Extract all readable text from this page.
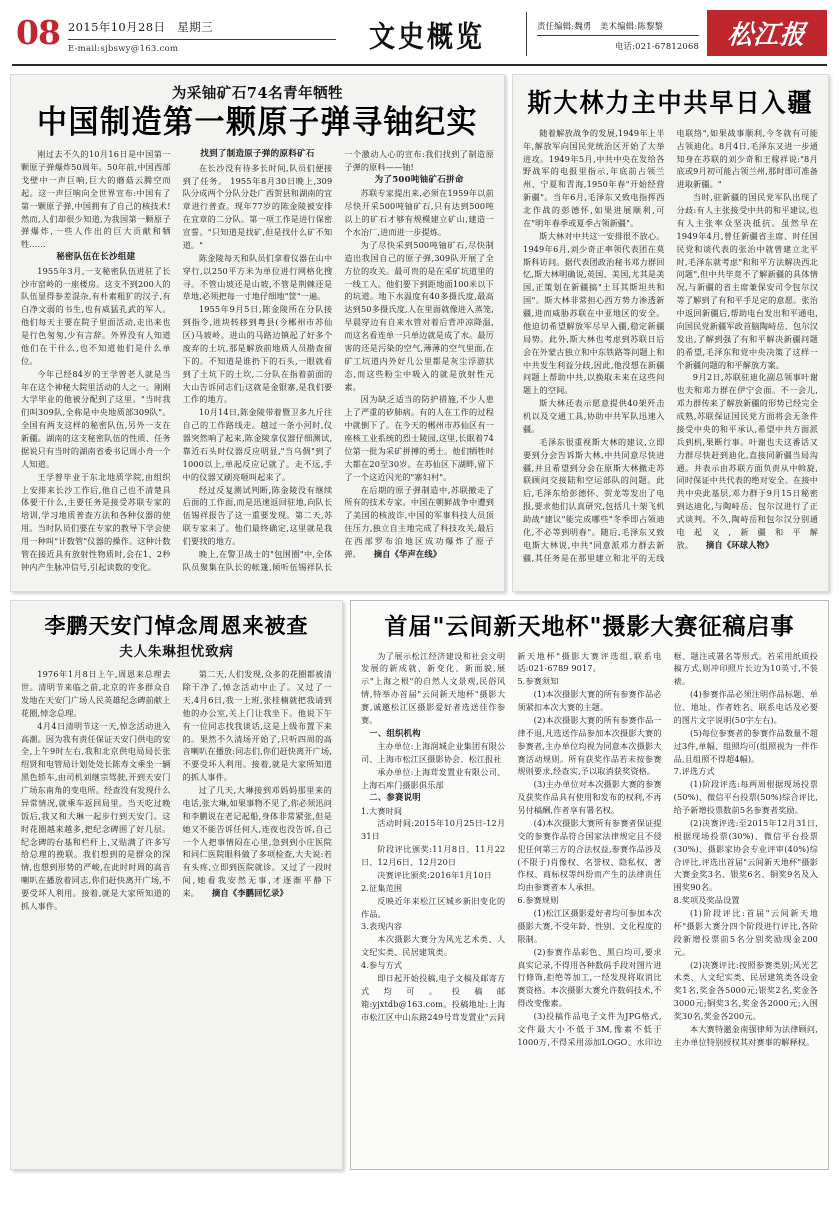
08 2015年10月28日　星期三
E-mail:sjbswy@163.com	文史概览	责任编辑:魏勇　美术编辑:陈黎黎
电话:021-67812068 松江报
为采铀矿石74名青年牺牲
中国制造第一颗原子弹寻铀纪实

刚过去不久的10月16日是中国第一颗原子弹爆炸50周年。50年前,中国西部戈壁中一声巨响,巨大的蘑菇云腾空而起。这一声巨响向全世界宣布:中国有了第一颗原子弹,中国拥有了自己的核技术! 然而,人们却很少知道,为我国第一颗原子弹爆炸,一些人作出的巨大贡献和牺牲……

秘密队伍在长沙组建

1955年3月,一支秘密队伍进驻了长沙市窑岭的一座楼房。这支不到200人的队伍显得参差混杂,有朴素粗犷的汉子,有白净文弱的书生,也有威猛孔武的军人。他们每天主要在院子里面活动,走出来也是行色匆匆,少有言辞。外界没有人知道他们在干什么,也不知道他们是什么单位。

今年已经84岁的王学曾老人就是当年在这个神秘大院里活动的人之一。刚刚大学毕业的他被分配到了这里。"当时我们叫309队,全称是中央地质部309队"。全国有两支这样的秘密队伍,另外一支在新疆。湖南的这支秘密队伍的性质、任务据说只有当时的湖南省委书记周小舟一个人知道。

王学曾毕业于东北地质学院,由组织上安排来长沙工作后,他自己也不清楚具体要干什么,主要任务是接受苏联专家的培训,学习地质普查方法和各种仪器的使用。当时队员们要在专家的教导下学会使用一种叫"计数管"仪器的操作。这种计数管在接近具有放射性物质时,会在1、2秒钟内产生脉冲信号,引起读数的变化。

找到了制造原子弹的原料矿石

在长沙没有待多长时间,队员们便接到了任务。 1955年8月30日晚上,309队分成两个分队分赴广西贺县和湖南的宜章进行普查。现年77岁的陈金陵被安排在宜章的二分队。第一项工作是进行保密宣誓。"只知道是找矿,但是找什么矿不知道。"

陈金陵每天和队员们拿着仪器在山中穿行,以250平方米为单位进行网格化搜寻。不管山坡还是山坡,不管是荆棘还是草地,必须把每一寸地仔细地"筐"一遍。

1955年9月5日,陈金陵所在分队接到指令,进块转移到粤县(今郴州市苏仙区)马坡岭。进山的马路边镇起了好多个废弃的土坑,那是解放前地质人员勘查留下的。不知道是谁扔下的石头,一眼就看到了土坑下的土坎,二分队在指着前面的大山告诉同志们;这就是金银寨,是我们要工作的地方。

10月14日,陈金陵带着暨卫多九斤往自己的工作路线走。越过一条小河时,仪器突然响了起来,陈金陵拿仪器仔细测试,靠近石头时仪器反应明显,"当乌倜"到了1000以上,单起反应记就了。走不远,手中的仪器又刷亮咂叫起来了。

经过反复测试判断,陈金陵没有继续后面的工作面,而是迅速返回驻地,向队长伍锡祥报告了这一重要发现。第二天,苏联专家来了。他们最终确定,这里就是我们要找的地方。

晚上,在警卫战士的"包围圈"中,全体队员聚集在队长的帐篷,倾听伍锡祥队长一个激动人心的宣布:我们找到了制造原子弹的原料——铀!

为了500吨铀矿石拼命

苏联专家提出来,必须在1959年以前尽快开采500吨铀矿石,只有达到500吨以上的矿石才够有规模建立矿山,建造一个水冶厂,进而进一步提炼。

为了尽快采到500吨铀矿石,尽快制造出我国自己的原子弹,309队开展了全方位的攻关。最可贵的是在采矿坑道里的一线工人。他们要下到距地面100米以下的坑道。地下水温度有40多摄氏度,最高达到50多摄氏度,人在里面就像进入蒸笼,早晨穿边有自来水管对着后背冲凉降温,而这名看连单一只单边就是成了水。最厉害的还是污染的空气,薄薄的空气里面,在矿工坑道内外好几公里都是灰尘浮游状态,而这些粉尘中吸入的就是放射性元素。

因为缺乏适当的防护措施,不少人患上了严重的矽肺病。有的人在工作的过程中就倒下了。在今天的郴州市苏仙区有一座核工业系统的烈士陵园,这里,长眠着74位第一批为采矿拼搏的勇士。他们牺牲时大都在20至30岁。在苏仙区下湖畔,留下了一个这近闪光的"寨妇村"。

在后期的原子弹制造中,苏联撤走了所有的技术专家。中国在朝鲜战争中遭到了美国的核波诈,中国的军事科技人员顶住压力,独立自主地完成了科技攻关,最后在西部罗布泊地区成功爆炸了原子弹。　　摘自《华声在线》

斯大林力主中共早日入疆

随着解放战争的发展,1949年上半年,解放军向国民党统治区开始了大举进攻。1949年5月,中共中央在发给各野战军的电报里指示,年底前占领兰州、宁夏和青海,1950年春"开始经营新疆"。当年6月,毛泽东又致电指挥西北作战的彭德怀,如果进展顺利,可在"明年春季或夏季占领新疆"。

斯大林对中共这一安排很不放心。1949年6月,刘少奇正率领代表团在莫斯科访问。据代表团政治秘书邓力群回忆,斯大林明确说,英国、美国,尤其是美国,正策划在新疆搞"土耳其斯坦共和国"。斯大林非常担心西方势力渗透新疆,进而威胁苏联在中亚地区的安全。他迫切希望解放军尽早入疆,稳定新疆局势。此外,斯大林也考虑到苏联日后会在外蒙古独立和中东铁路等问题上和中共发生利益分歧,因此,他没想在新疆问题上帮助中共,以换取未来在这些问题上的空间。

斯大林还表示愿意提供40架歼击机以及交通工具,协助中共军队迅速入疆。

毛泽东很重视斯大林的建议,立即要到分会告诉斯大林,中共同意尽快进疆,并且希望到分会在原斯大林撤走苏联顾问交接陆和空运部队的问题。此后,毛泽东给彭德怀、贺龙等发出了电报,要求他们认真研究,包括几十架飞机助战"建议"能完成哪些"冬季即占领迪化,不必等到明春"。随后,毛泽东又致电斯大林说,中共"同意派邓力群去新疆,其任务是在那里建立和北平的无线电联络",如果战事顺利,今冬就有可能占领迪化。8月4日,毛泽东又进一步通知身在苏联的刘少奇和王稼祥说:"8月底或9月初可能占领兰州,那时即可准备进取新疆。"

当时,驻新疆的国民党军队出现了分歧:有人主张接受中共的和平建议,也有人主张率众坚决抵抗。虽然早在1949年4月,曾任新疆省主席、时任国民党和谈代表的张治中就曾建立北平时,毛泽东就考虑"和和平方法解决西北问题",但中共毕竟不了解新疆的具体情况,与新疆的省主席兼保安司令包尔汉等了解到了有和平手足定的意愿。张治中返回新疆后,帮助电台发出和平通电,向国民党新疆军政首脑陶峙岳、包尔汉发出,了解到强了有和平解决新疆问题的希望,毛泽东和党中央决策了这样一个新疆问题的和平解放方案。

9月2日,苏联驻迪化副总领事叶谢也夫和邓力群在伊宁会面。不一会儿,邓力群传来了解放新疆的形势已经完全成熟,苏联保证国民党方面将会无条件接受中央的和平承认,希望中共方面派兵到机,果断行事。叶谢也夫这番话又力群尽快赶到迪化,直接同新疆当局沟通。并表示由苏联方面负责从中斡旋,同时保证中共代表的绝对安全。在接中共中央此基层,邓力群于9月15日秘密到达迪化,与陶峙岳、包尔汉进行了正式谈判。不久,陶峙岳和包尔汉分别通电起义,新疆和平解放。　　摘自《环球人物》

李鹏天安门悼念周恩来被查
夫人朱琳担忧致病

1976年1月8日上午,周恩来总理去世。清明节来临之前,北京的许多群众自发地在天安门广场人民英雄纪念碑前献上花圈,悼念总理。

4月4日清明节这一天,悼念活动进入高潮。因为我有责任保证天安门供电的安全,上午9时左右,我和北京供电局局长张绍贤和电管局计划处处长陈寿文乘坐一辆黑色轿车,由司机刘继宗驾驶,开到天安门广场东南角的变电所。经查没有发现什么异常情况,就乘车返回局里。当天吃过晚饭后,我又和大琳一起步行到天安门。这时花圈越来越多,把纪念碑围了好几层。纪念碑的台基和栏杆上,又贴满了许多写给总理的挽联。我们想到的是群众的深情,也想到形势的严峻,在此时时周的高音喇叭在播放着同志,你们赶快离开广场,不要受坏人利用。接着,就是大家所知道的抓人事件。

第二天,人们发现,众多的花圈都被清除干净了,悼念活动中止了。又过了一天,4月6日,我一上班,张桂楠就把我请到他的办公室,关上门让我坐下。他说下午有一位同志找我谈话,这是上级布置下来的。果然不久清场开始了,只听四周的高音喇叭在播放:同志们,你们赶快离开广场,不要受坏人利用。接着,就是大家所知道的抓人事件。

过了几天,大琳接到邓妈妈那里来的电话,张大琳,如果事物不见了,你必须迅问和李鹏说在老记起船,身体非常紧张,但是她又不能告诉任何人,连夜也没告诉,自己一个人把事情闷在心里,急到到小庄医院和同仁医院眼科做了多项检查,大夫说:若有头疼,立即到医院就诊。又过了一段时间,她看我安然无事,才逐渐平静下来。　　摘自《李鹏回忆录》

首届"云间新天地杯"摄影大赛征稿启事

为了展示松江经济建设和社会文明发展的新成就、新变化、新面貌,展示"上海之根"的自然人文景观,民俗风情,特举办首届"云间新天地杯"摄影大赛,诚邀松江区摄影爱好者选送佳作参赛。

一、组织机构

主办单位:上海润城企业集团有限公司、上海市松江区摄影协会、松江报社

承办单位:上海茸发置业有限公司、上海石库门摄影俱乐部

二、参赛说明

1.大赛时间

活动时间:2015年10月25日-12月31日

阶段评比颁奖:11月8日、11月22日、12月6日、12月20日

决赛评比颁奖:2016年1月10日

2.征集范围

反映近年来松江区城乡新旧变化的作品。

3.表现内容

本次摄影大赛分为风光艺术类、人文纪实类、民居建筑类。

4.参与方式

即日起开始投稿,电子文稿及邮寄方式均可。投稿邮箱:yjxtdb@163.com。投稿地址:上海市松江区中山东路249号茸发置业"云间新天地杯"摄影大赛评选组,联系电话:021-6789 9017。

5.参赛须知

(1)本次摄影大赛的所有参赛作品必须紧扣本次大赛的主题。

(2)本次摄影大赛的所有参赛作品一律不退,凡选送作品参加本次摄影大赛的参赛者,主办单位均视为同意本次摄影大赛活动规则。所有获奖作品若未按参赛规则要求,经查实,予以取消获奖资格。

(3)主办单位对本次摄影大赛的参赛及获奖作品具有使用和发布的权利,不再另付稿酬,作者享有署名权。

(4)本次摄影大赛所有参赛者保证提交的参赛作品符合国家法律规定且不侵犯任何第三方的合法权益,参赛作品涉及(不限于)肖像权、名誉权、隐私权、著作权、商标权等纠纷而产生的法律责任均由参赛者本人承担。

6.参赛规则

(1)松江区摄影爱好者均可参加本次摄影大赛,不受年龄、性别、文化程度的限制。

(2)参赛作品彩色、黑白均可,要求真实记录,不得用各种数码手段对图片进行修饰,拒绝等加工,一经发现将取消比赛资格。本次摄影大赛允许数码技术,不得改变像素。

(3)投稿作品电子文件为JPG格式,文件最大小不低于3M,像素不低于1000万,不得采用添加LOGO、水印边框、题注或署名等形式。若采用纸质投稿方式,则冲印照片长边为10英寸,不装裱。

(4)参赛作品必须注明作品标题、单位、地址、作者姓名、联系电话及必要的图片文字说明(50字左右)。

(5)每位参赛者的参赛作品数量不超过3件,单幅、组照均可(组照视为一件作品,且组照不得超4幅)。

7.评选方式

(1)阶段评选:每两周根据现场投票(50%)、微信平台投票(50%)综合评比,给予新增投票数前5名参赛者奖励。

(2)决赛评选:至2015年12月31日,根据现场投票(30%)、微信平台投票(30%)、摄影家协会专业评审(40%)综合评比,评选出首届"云间新天地杯"摄影大赛金奖3名、银奖6名、铜奖9名及入围奖90名。

8.奖项及奖品设置

(1)阶段评比:首届"云间新天地杯"摄影大赛分四个阶段进行评比,各阶段新增投票前5名分别奖励现金200元。

(2)决赛评比:按照参赛类别;风光艺术类、人文纪实类、民居建筑类各设金奖1名,奖金各5000元;银奖2名,奖金各3000元;铜奖3名,奖金各2000元;入围奖30名,奖金各200元。

本大赛特邀金南强律师为法律顾问,主办单位特别授权其对赛事的解释权。
